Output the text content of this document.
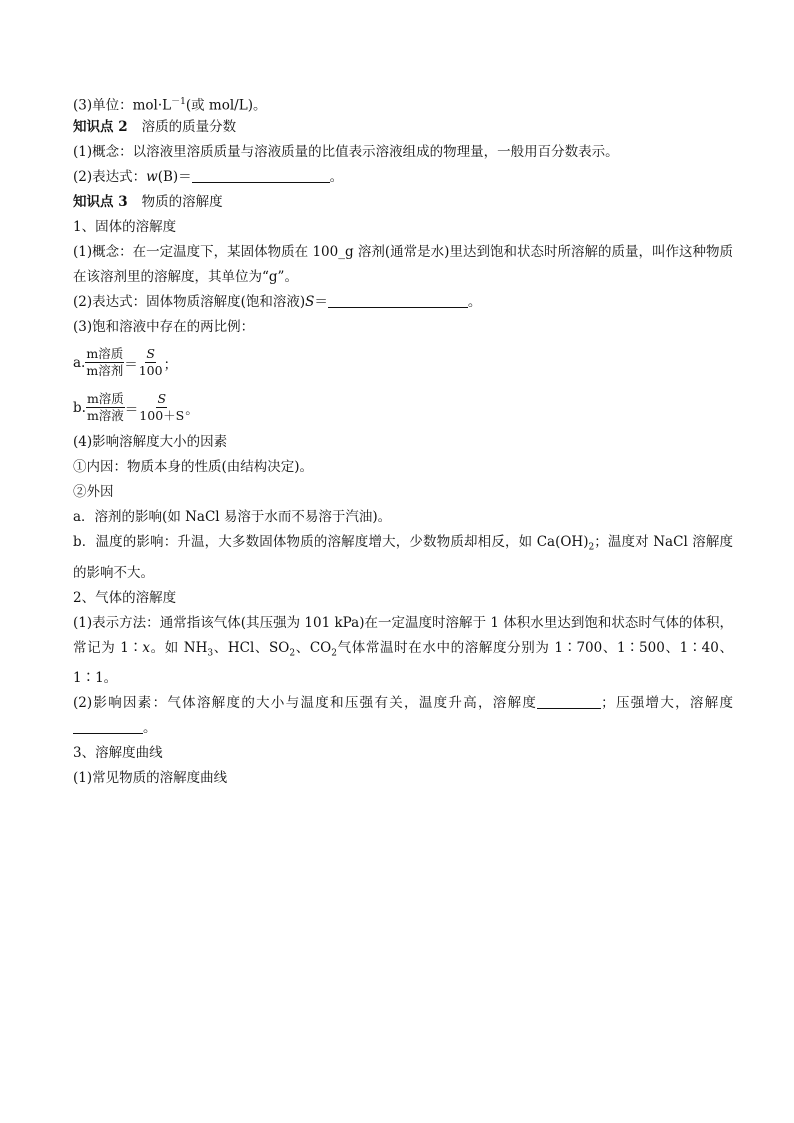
(3)单位：$mol\cdot L^{-1}$(或 mol/L)。
知识点 2 溶质的质量分数
(1)概念：以溶液里溶质质量与溶液质量的比值表示溶液组成的物理量，一般用百分数表示。
(2)表达式：w(B)＝	。
知识点 3 物质的溶解度
1、固体的溶解度
(1)概念：在一定温度下，某固体物质在 100_g 溶剂(通常是水)里达到饱和状态时所溶解的质量，叫作这种物质在该溶剂里的溶解度，其单位为“g”。
(2)表达式：固体物质溶解度(饱和溶液)S＝	。
(3)饱和溶液中存在的两比例：
a. $\frac{\text{m溶质}}{\text{m溶剂}} = \frac{S}{100}$ ；
b. $\frac{\text{m溶质}}{\text{m溶液}} = \frac{S}{100+S}$ 。
(4)影响溶解度大小的因素
①内因：物质本身的性质(由结构决定)。
②外因
a．溶剂的影响(如 NaCl 易溶于水而不易溶于汽油)。
b．温度的影响：升温，大多数固体物质的溶解度增大，少数物质却相反，如 $Ca(OH)_2$；温度对 NaCl 溶解度的影响不大。
2、气体的溶解度
(1)表示方法：通常指该气体(其压强为 101 kPa)在一定温度时溶解于 1 体积水里达到饱和状态时气体的体积，常记为 1∶x。如 $NH_3$、HCl、$SO_2$、$CO_2$气体常温时在水中的溶解度分别为 1∶700、1∶500、1∶40、1∶1。
(2)影响因素：气体溶解度的大小与温度和压强有关，温度升高，溶解度	；压强增大，溶解度。
3、溶解度曲线
(1)常见物质的溶解度曲线
